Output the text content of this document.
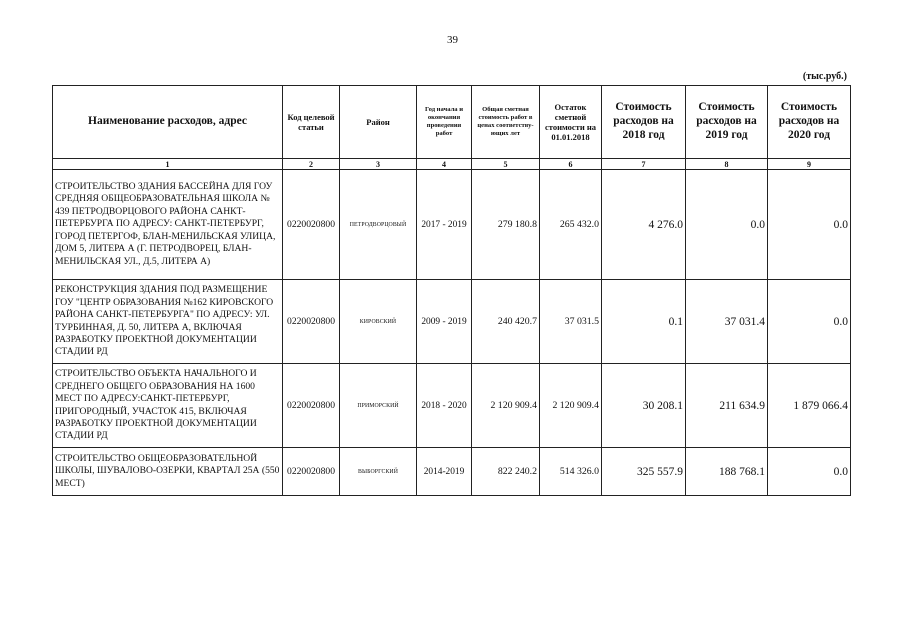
39
(тыс.руб.)
Наименование расходов, адрес	Код целевой статьи	Район	Год начала и окончания проведения работ	Общая сметная стоимость работ в ценах соответству-ющих лет	Остаток сметной стоимости на 01.01.2018	Стоимость расходов на 2018 год	Стоимость расходов на 2019 год	Стоимость расходов на 2020 год
1	2	3	4	5	6	7	8	9
СТРОИТЕЛЬСТВО ЗДАНИЯ БАССЕЙНА ДЛЯ ГОУ СРЕДНЯЯ ОБЩЕОБРАЗОВАТЕЛЬНАЯ ШКОЛА № 439 ПЕТРОДВОРЦОВОГО РАЙОНА САНКТ-ПЕТЕРБУРГА ПО АДРЕСУ: САНКТ-ПЕТЕРБУРГ, ГОРОД ПЕТЕРГОФ, БЛАН-МЕНИЛЬСКАЯ УЛИЦА, ДОМ 5, ЛИТЕРА А (Г. ПЕТРОДВОРЕЦ, БЛАН-МЕНИЛЬСКАЯ УЛ., Д.5, ЛИТЕРА А)	0220020800	ПЕТРОДВОРЦОВЫЙ	2017 - 2019	279 180.8	265 432.0	4 276.0	0.0	0.0
РЕКОНСТРУКЦИЯ ЗДАНИЯ ПОД РАЗМЕЩЕНИЕ ГОУ "ЦЕНТР ОБРАЗОВАНИЯ №162 КИРОВСКОГО РАЙОНА САНКТ-ПЕТЕРБУРГА" ПО АДРЕСУ: УЛ. ТУРБИННАЯ, Д. 50, ЛИТЕРА А, ВКЛЮЧАЯ РАЗРАБОТКУ ПРОЕКТНОЙ ДОКУМЕНТАЦИИ СТАДИИ РД	0220020800	КИРОВСКИЙ	2009 - 2019	240 420.7	37 031.5	0.1	37 031.4	0.0
СТРОИТЕЛЬСТВО ОБЪЕКТА НАЧАЛЬНОГО И СРЕДНЕГО ОБЩЕГО ОБРАЗОВАНИЯ НА 1600 МЕСТ ПО АДРЕСУ:САНКТ-ПЕТЕРБУРГ, ПРИГОРОДНЫЙ, УЧАСТОК 415, ВКЛЮЧАЯ РАЗРАБОТКУ ПРОЕКТНОЙ ДОКУМЕНТАЦИИ СТАДИИ РД	0220020800	ПРИМОРСКИЙ	2018 - 2020	2 120 909.4	2 120 909.4	30 208.1	211 634.9	1 879 066.4
СТРОИТЕЛЬСТВО ОБЩЕОБРАЗОВАТЕЛЬНОЙ ШКОЛЫ, ШУВАЛОВО-ОЗЕРКИ, КВАРТАЛ 25А (550 МЕСТ)	0220020800	ВЫБОРГСКИЙ	2014-2019	822 240.2	514 326.0	325 557.9	188 768.1	0.0
